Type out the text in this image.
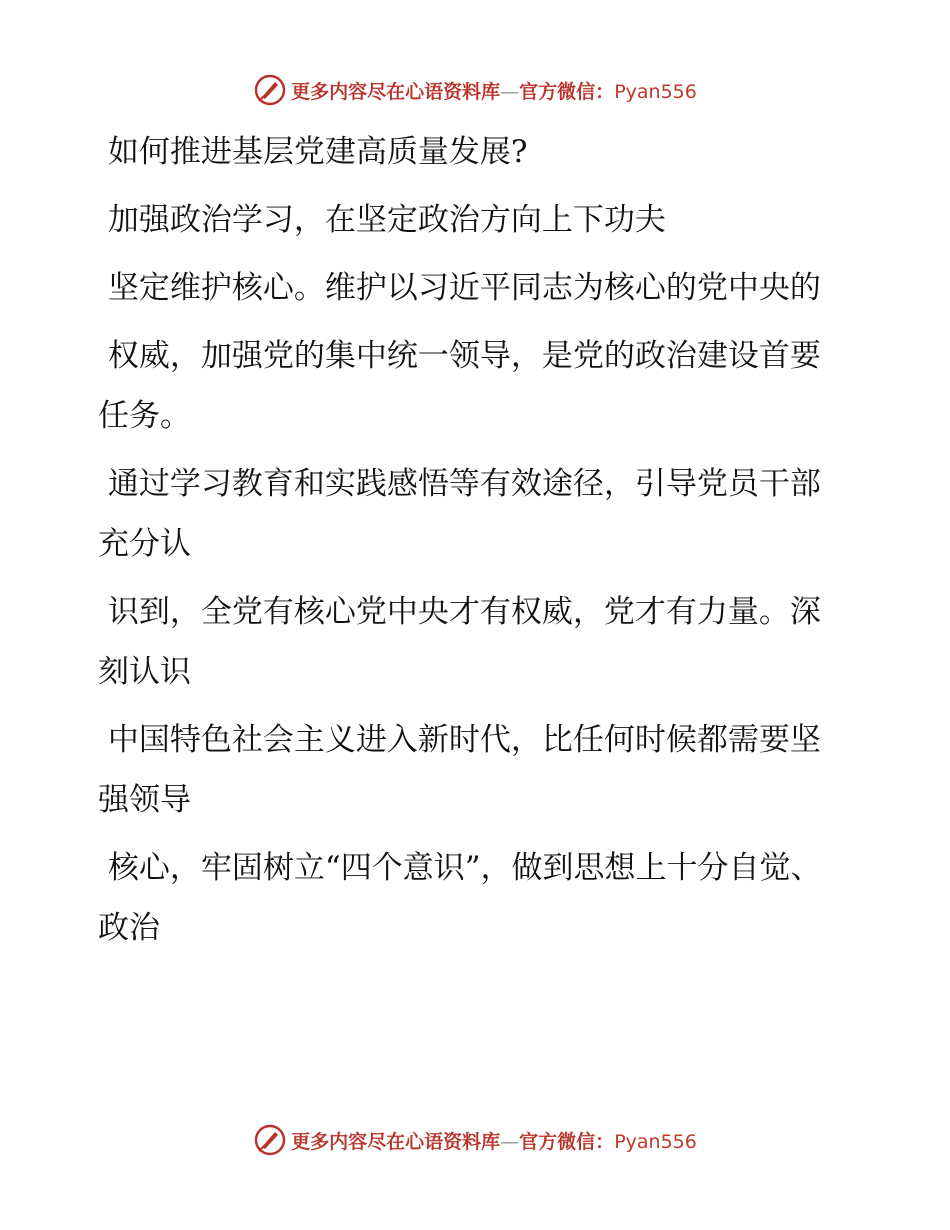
更多内容尽在心语资料库—官方微信：Pyan556
如何推进基层党建高质量发展?
加强政治学习，在坚定政治方向上下功夫
坚定维护核心。维护以习近平同志为核心的党中央的
权威，加强党的集中统一领导，是党的政治建设首要任务。
通过学习教育和实践感悟等有效途径，引导党员干部充分认
识到，全党有核心党中央才有权威，党才有力量。深刻认识
中国特色社会主义进入新时代，比任何时候都需要坚强领导
核心，牢固树立“四个意识”，做到思想上十分自觉、政治
更多内容尽在心语资料库—官方微信：Pyan556
